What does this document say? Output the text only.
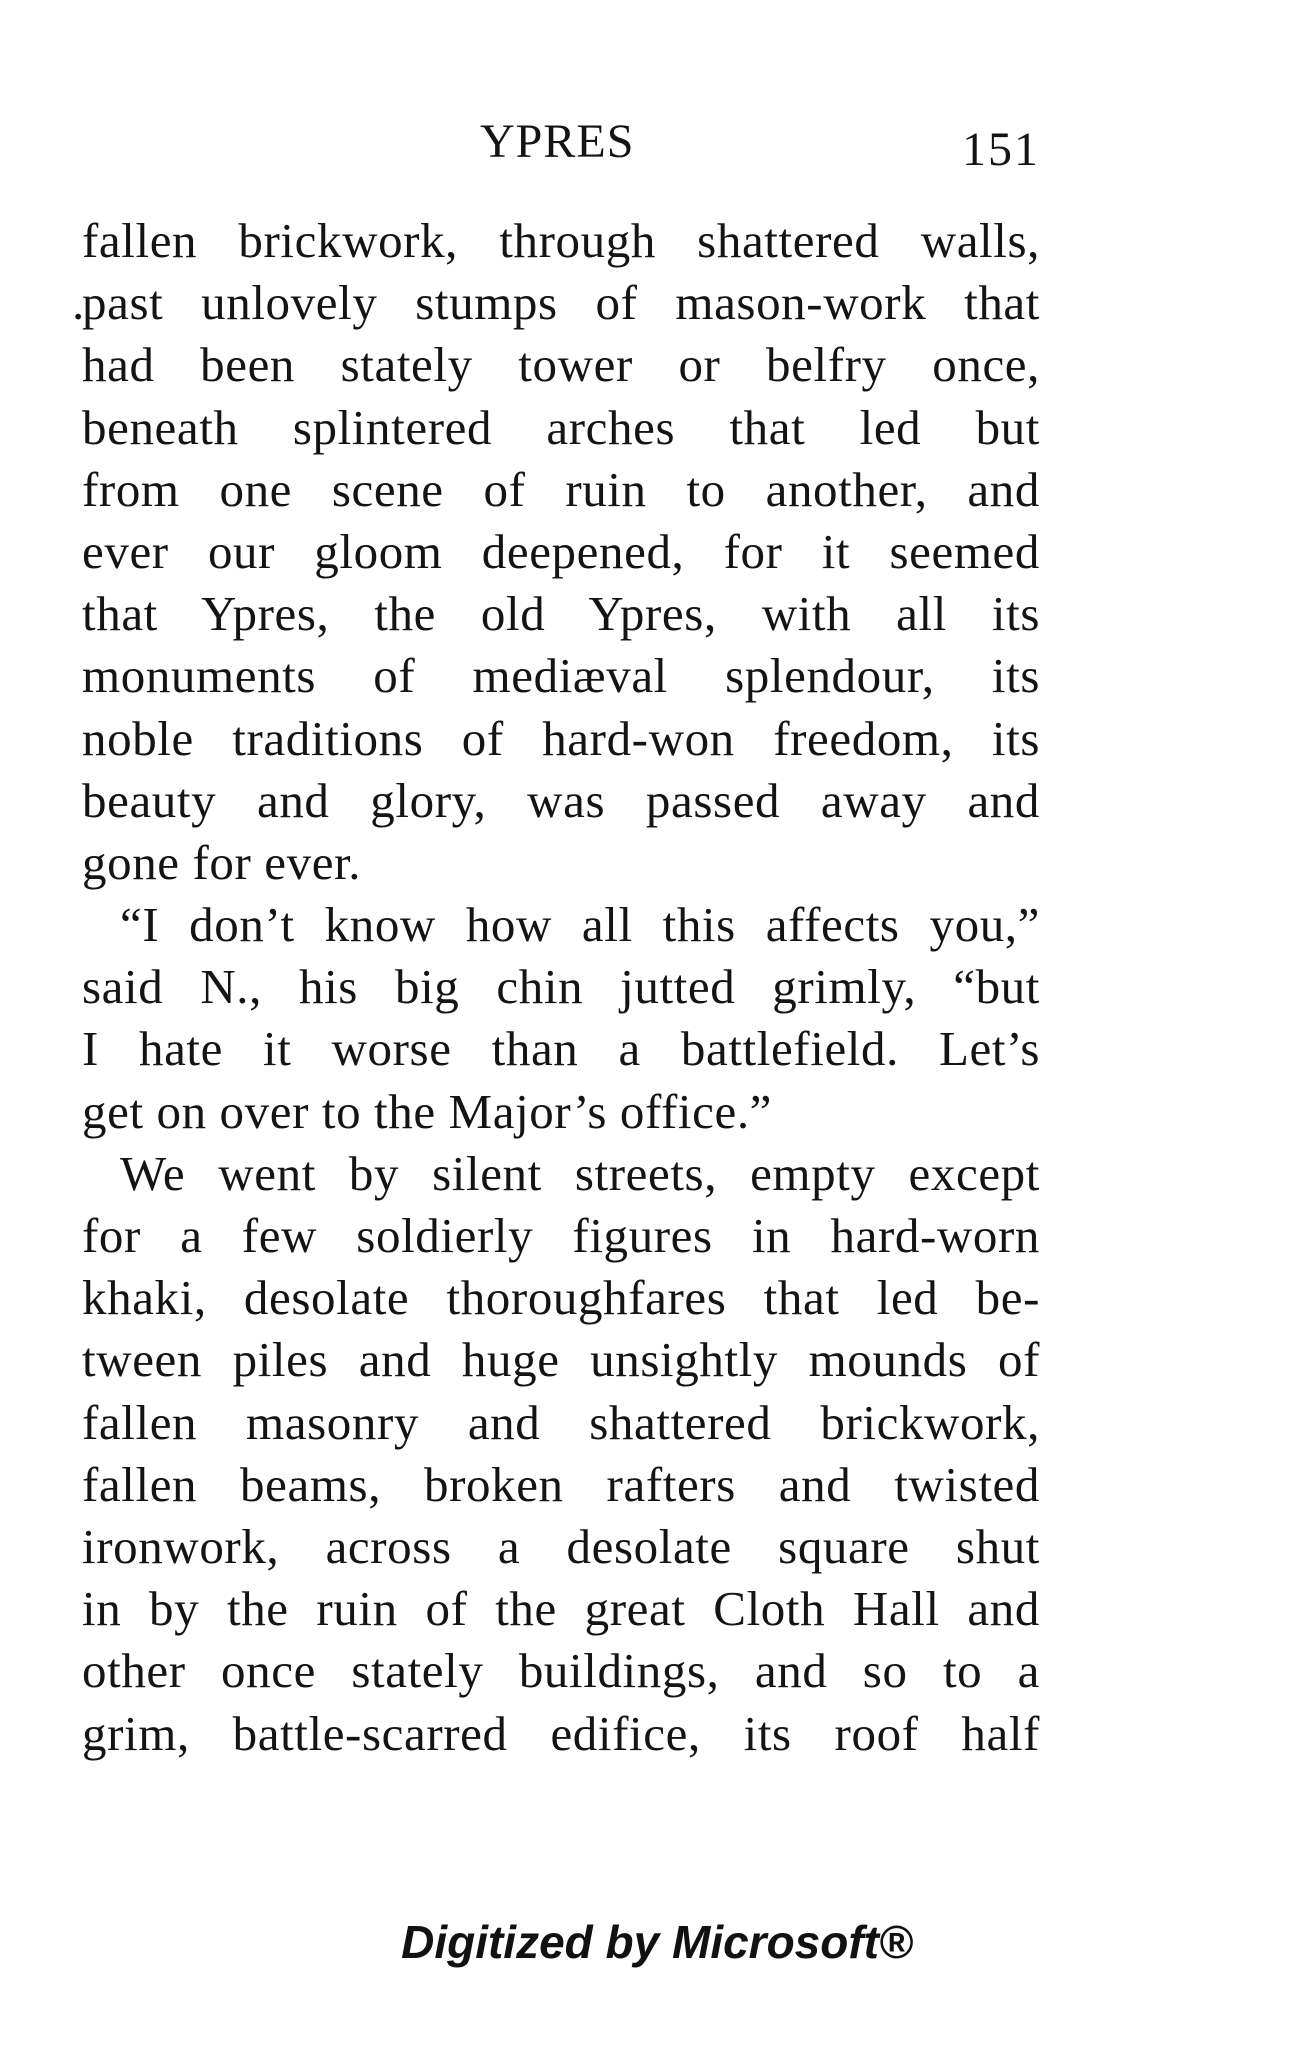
YPRES	151
fallen brickwork, through shattered walls,
.
past unlovely stumps of mason-work that
had been stately tower or belfry once,
beneath splintered arches that led but
from one scene of ruin to another, and
ever our gloom deepened, for it seemed
that Ypres, the old Ypres, with all its
monuments of mediæval splendour, its
noble traditions of hard-won freedom, its
beauty and glory, was passed away and
gone for ever.
“I don’t know how all this affects you,”
said N., his big chin jutted grimly, “but
I hate it worse than a battlefield. Let’s
get on over to the Major’s office.”
We went by silent streets, empty except
for a few soldierly figures in hard-worn
khaki, desolate thoroughfares that led be-
tween piles and huge unsightly mounds of
fallen masonry and shattered brickwork,
fallen beams, broken rafters and twisted
ironwork, across a desolate square shut
in by the ruin of the great Cloth Hall and
other once stately buildings, and so to a
grim, battle-scarred edifice, its roof half
Digitized by Microsoft®
